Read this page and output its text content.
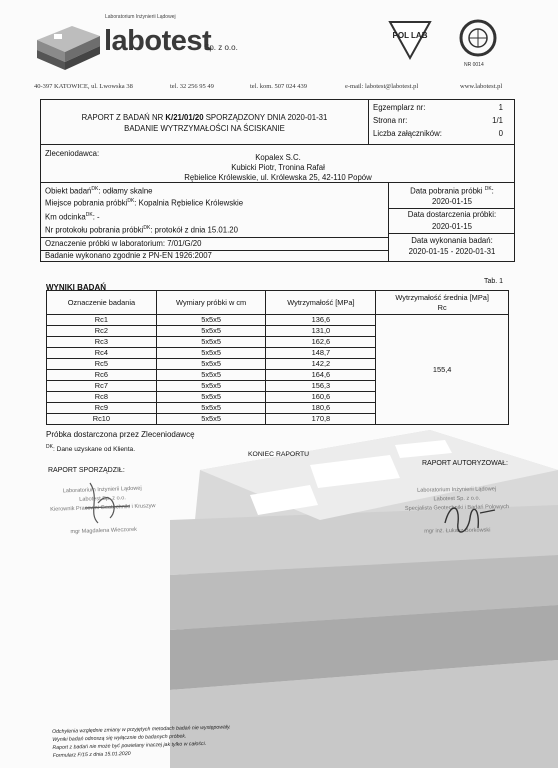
Laboratorium Inżynierii Lądowej
labotest
Sp. z o.o.
POL LAB
NR 0014
40-397 KATOWICE, ul. Lwowska 38	tel. 32 256 95 49	tel. kom. 507 024 439	e-mail: labotest@labotest.pl	www.labotest.pl
RAPORT Z BADAŃ NR K/21/01/20 SPORZĄDZONY DNIA 2020-01-31
BADANIE WYTRZYMAŁOŚCI NA ŚCISKANIE
Egzemplarz nr:	1
Strona nr:	1/1
Liczba załączników:	0
Zleceniodawca:	Kopalex S.C.
Kubicki Piotr, Tronina Rafał
Rębielice Królewskie, ul. Królewska 25, 42-110 Popów
Obiekt badań$^{DK}$: odłamy skalne
Miejsce pobrania próbki$^{DK}$: Kopalnia Rębielice Królewskie
Km odcinka$^{DK}$: -
Nr protokołu pobrania próbki$^{DK}$: protokół z dnia 15.01.20
Oznaczenie próbki w laboratorium: 7/01/G/20
Badanie wykonano zgodnie z PN-EN 1926:2007
Data pobrania próbki $^{DK}$:
2020-01-15
Data dostarczenia próbki:
2020-01-15
Data wykonania badań:
2020-01-15 - 2020-01-31
WYNIKI BADAŃ
Tab. 1
Oznaczenie badania	Wymiary próbki w cm	Wytrzymałość [MPa]	Wytrzymałość średnia [MPa]
Rc

Rc1	5x5x5	136,6	155,4
Rc2	5x5x5	131,0	
Rc3	5x5x5	162,6	
Rc4	5x5x5	148,7	
Rc5	5x5x5	142,2	
Rc6	5x5x5	164,6	
Rc7	5x5x5	156,3	
Rc8	5x5x5	160,6	
Rc9	5x5x5	180,6	
Rc10	5x5x5	170,8	
Próbka dostarczona przez Zleceniodawcę
$^{DK}$: Dane uzyskane od Klienta.
KONIEC RAPORTU
RAPORT SPORZĄDZIŁ:
RAPORT AUTORYZOWAŁ:
Laboratorium Inżynierii Lądowej
Labotest Sp. z o.o.
Kierownik Pracowni Geotechniki i Kruszyw
mgr Magdalena Wieczorek
Laboratorium Inżynierii Lądowej
Labotest Sp. z o.o.
Specjalista Geotechniki i Badań Polowych
mgr inż. Łukasz Borkowski
Odchylenia względnie zmiany w przyjętych metodach badań nie występowały.
Wyniki badań odnoszą się wyłącznie do badanych próbek.
Raport z badań nie może być powielany inaczej jak tylko w całości.
Formularz F/15 z dnia 15.01.2020
